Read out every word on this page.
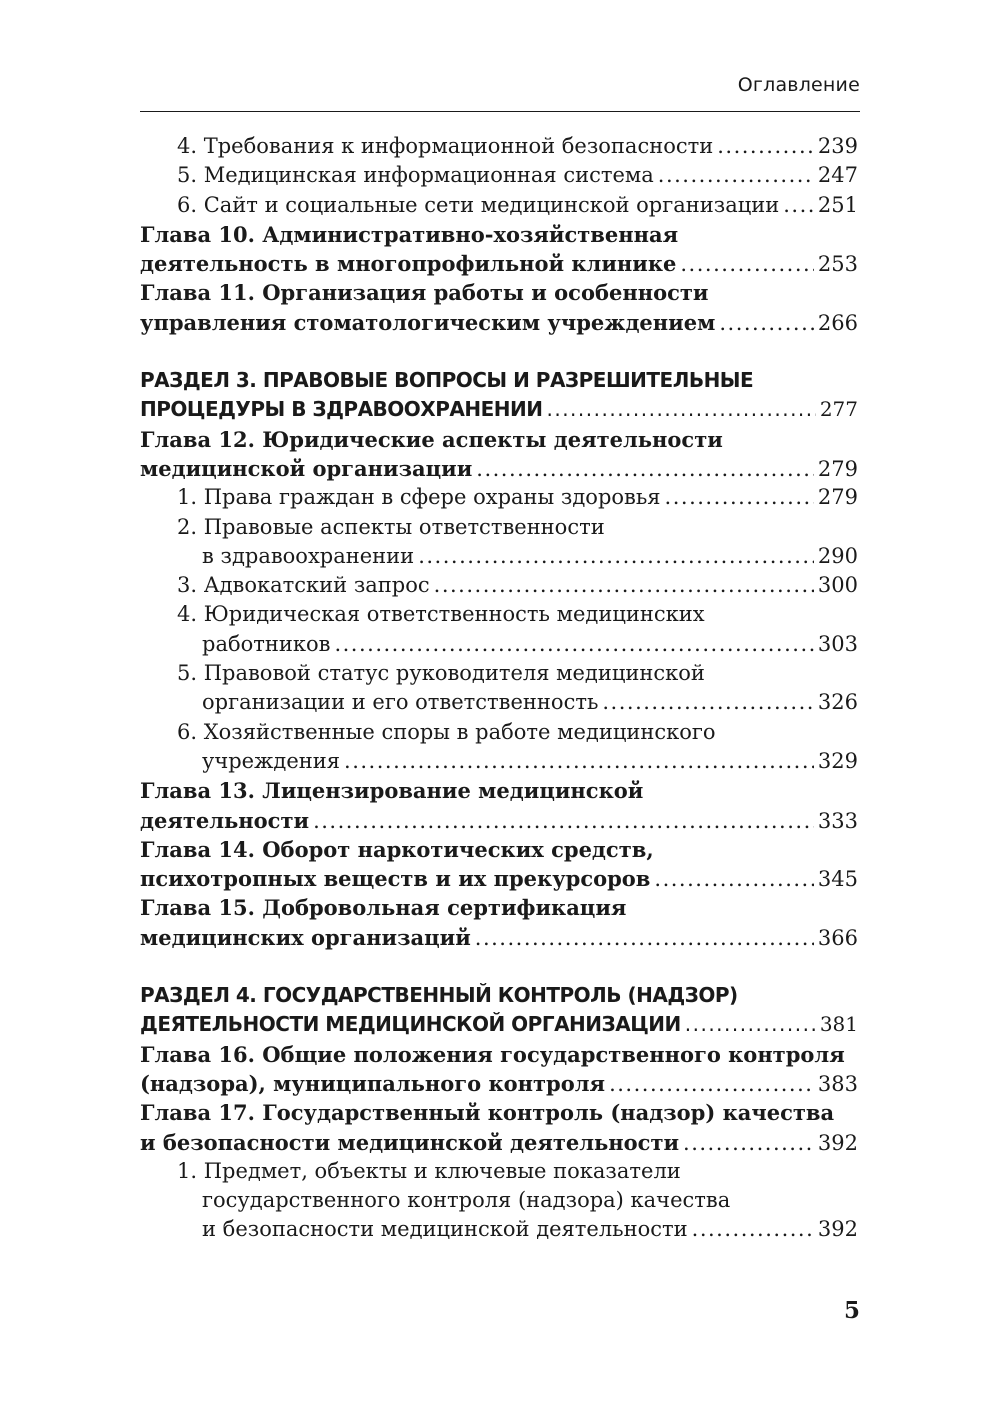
Оглавление
4. Требования к информационной безопасности .....	239
5. Медицинская информационная система .....	247
6. Сайт и социальные сети медицинской организации ..... 251
Глава 10. Административно-хозяйственная
деятельность в многопрофильной клинике .....	253
Глава 11. Организация работы и особенности
управления стоматологическим учреждением .....	266
РАЗДЕЛ 3. ПРАВОВЫЕ ВОПРОСЫ И РАЗРЕШИТЕЛЬНЫЕ
ПРОЦЕДУРЫ В ЗДРАВООХРАНЕНИИ .....	277
Глава 12. Юридические аспекты деятельности
медицинской организации .....	279
1. Права граждан в сфере охраны здоровья .....	279
2. Правовые аспекты ответственности
в здравоохранении .....	290
3. Адвокатский запрос .....	300
4. Юридическая ответственность медицинских
работников .....	303
5. Правовой статус руководителя медицинской
организации и его ответственность .....	326
6. Хозяйственные споры в работе медицинского
учреждения .....	329
Глава 13. Лицензирование медицинской
деятельности .....	333
Глава 14. Оборот наркотических средств,
психотропных веществ и их прекурсоров .....	345
Глава 15. Добровольная сертификация
медицинских организаций .....	366
РАЗДЕЛ 4. ГОСУДАРСТВЕННЫЙ КОНТРОЛЬ (НАДЗОР)
ДЕЯТЕЛЬНОСТИ МЕДИЦИНСКОЙ ОРГАНИЗАЦИИ .....	381
Глава 16. Общие положения государственного контроля
(надзора), муниципального контроля .....	383
Глава 17. Государственный контроль (надзор) качества
и безопасности медицинской деятельности .....	392
1. Предмет, объекты и ключевые показатели
государственного контроля (надзора) качества
и безопасности медицинской деятельности .....	392
5
